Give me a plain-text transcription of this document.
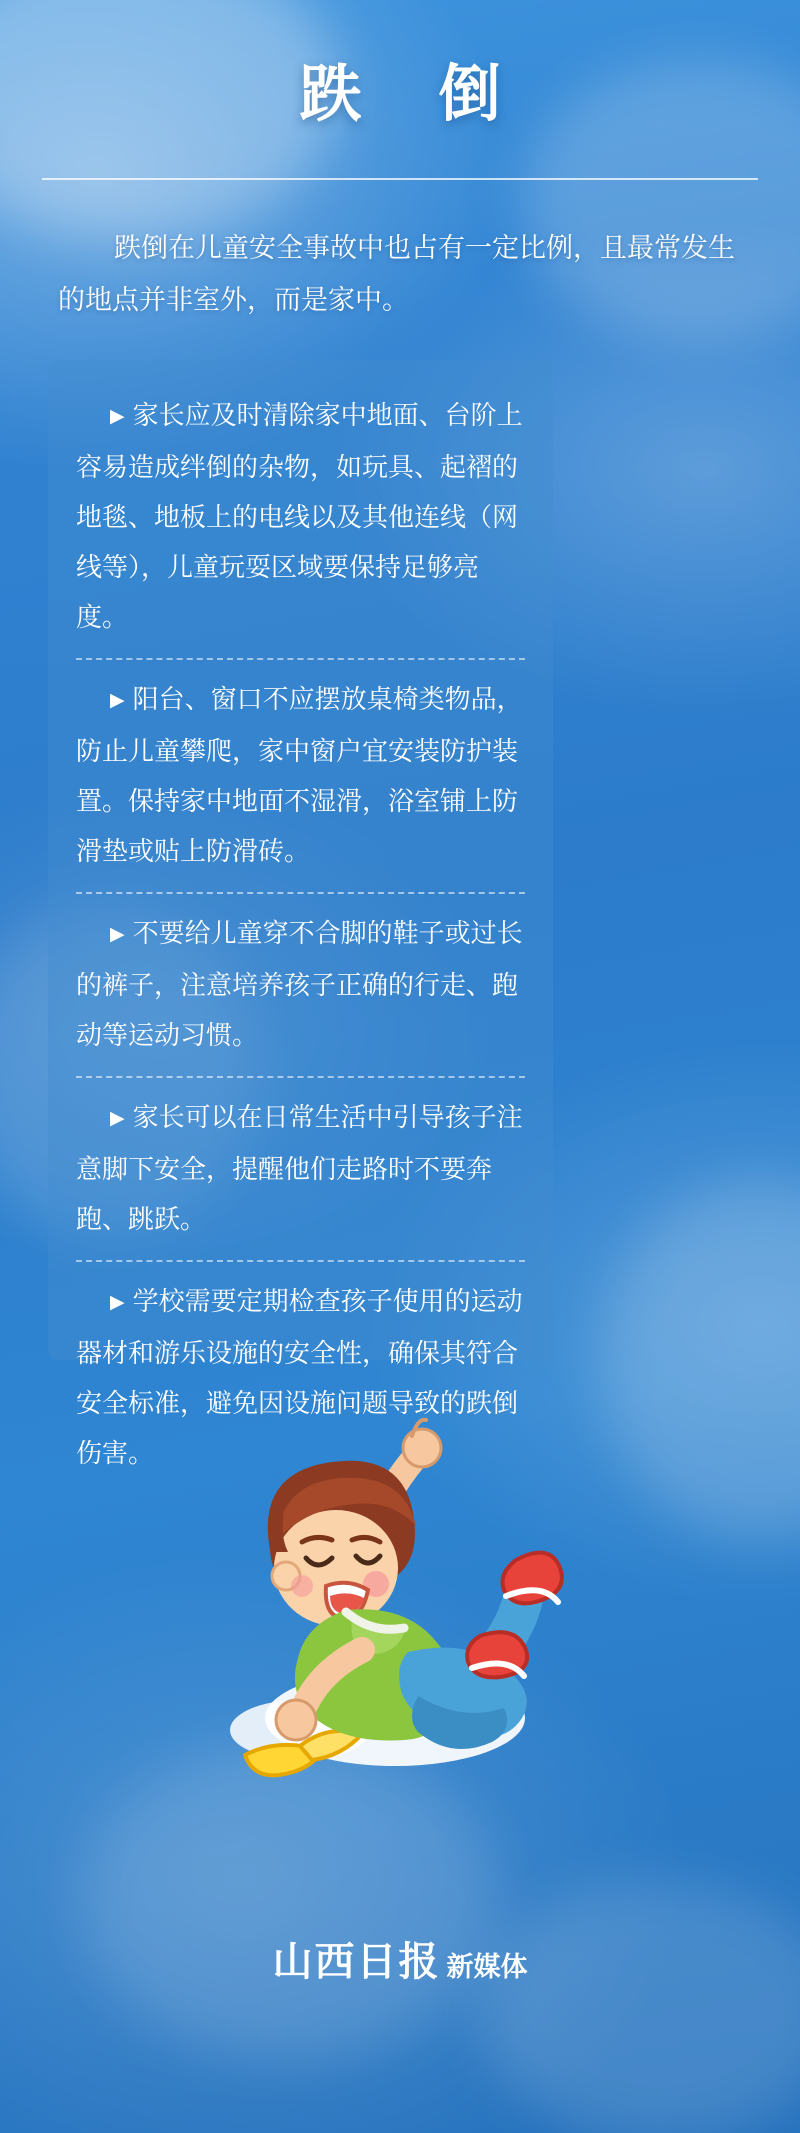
跌 倒
跌倒在儿童安全事故中也占有一定比例，且最常发生的地点并非室外，而是家中。
▶ 家长应及时清除家中地面、台阶上容易造成绊倒的杂物，如玩具、起褶的地毯、地板上的电线以及其他连线（网线等），儿童玩耍区域要保持足够亮度。
▶ 阳台、窗口不应摆放桌椅类物品，防止儿童攀爬，家中窗户宜安装防护装置。保持家中地面不湿滑，浴室铺上防滑垫或贴上防滑砖。
▶ 不要给儿童穿不合脚的鞋子或过长的裤子，注意培养孩子正确的行走、跑动等运动习惯。
▶ 家长可以在日常生活中引导孩子注意脚下安全，提醒他们走路时不要奔跑、跳跃。
▶ 学校需要定期检查孩子使用的运动器材和游乐设施的安全性，确保其符合安全标准，避免因设施问题导致的跌倒伤害。
山西日报 新媒体
